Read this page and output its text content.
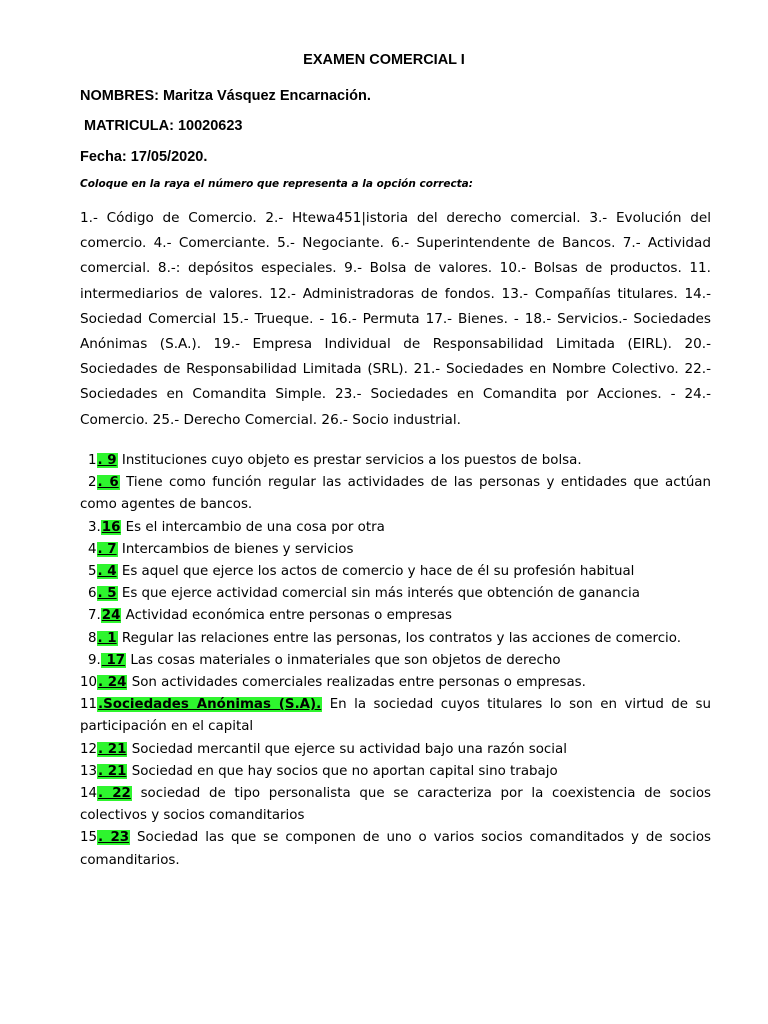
EXAMEN COMERCIAL I
NOMBRES: Maritza Vásquez Encarnación.
MATRICULA: 10020623
Fecha: 17/05/2020.
Coloque en la raya el número que representa a la opción correcta:
1.- Código de Comercio. 2.- Htewa451|istoria del derecho comercial. 3.- Evolución del comercio. 4.- Comerciante. 5.- Negociante. 6.- Superintendente de Bancos. 7.- Actividad comercial. 8.-: depósitos especiales. 9.- Bolsa de valores. 10.- Bolsas de productos. 11. intermediarios de valores. 12.- Administradoras de fondos. 13.- Compañías titulares. 14.- Sociedad Comercial 15.- Trueque. - 16.- Permuta 17.- Bienes. - 18.- Servicios.- Sociedades Anónimas (S.A.). 19.- Empresa Individual de Responsabilidad Limitada (EIRL). 20.- Sociedades de Responsabilidad Limitada (SRL). 21.- Sociedades en Nombre Colectivo. 22.- Sociedades en Comandita Simple. 23.- Sociedades en Comandita por Acciones. - 24.- Comercio. 25.- Derecho Comercial. 26.- Socio industrial.
1. 9 Instituciones cuyo objeto es prestar servicios a los puestos de bolsa.
2. 6 Tiene como función regular las actividades de las personas y entidades que actúan como agentes de bancos.
3.16 Es el intercambio de una cosa por otra
4. 7 Intercambios de bienes y servicios
5. 4 Es aquel que ejerce los actos de comercio y hace de él su profesión habitual
6. 5 Es que ejerce actividad comercial sin más interés que obtención de ganancia
7.24 Actividad económica entre personas o empresas
8. 1 Regular las relaciones entre las personas, los contratos y las acciones de comercio.
9. 17 Las cosas materiales o inmateriales que son objetos de derecho
10. 24 Son actividades comerciales realizadas entre personas o empresas.
11.Sociedades Anónimas (S.A). En la sociedad cuyos titulares lo son en virtud de su participación en el capital
12. 21 Sociedad mercantil que ejerce su actividad bajo una razón social
13. 21 Sociedad en que hay socios que no aportan capital sino trabajo
14. 22 sociedad de tipo personalista que se caracteriza por la coexistencia de socios colectivos y socios comanditarios
15. 23 Sociedad las que se componen de uno o varios socios comanditados y de socios comanditarios.
